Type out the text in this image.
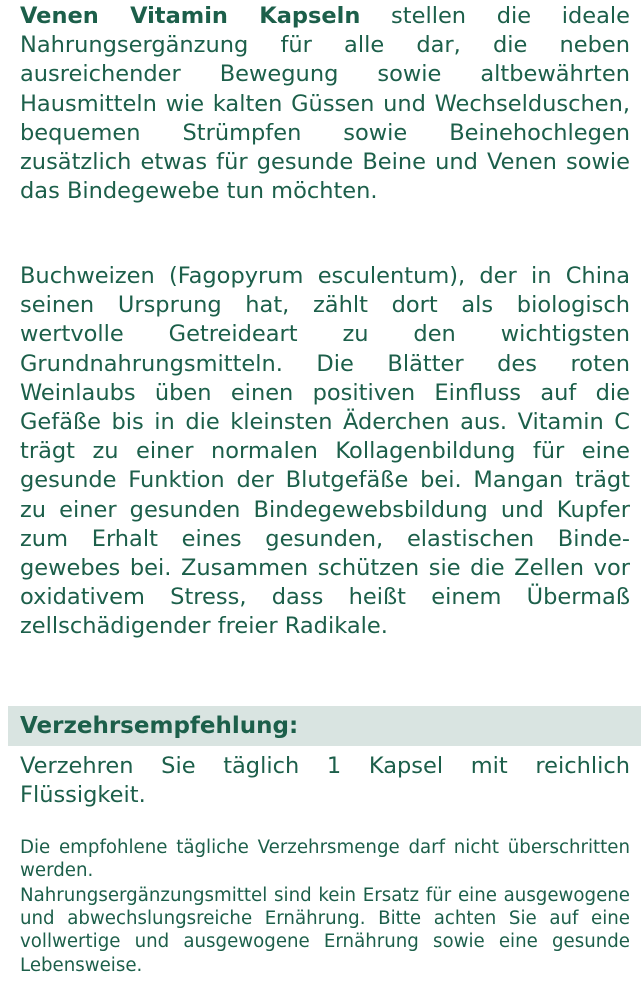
Venen Vitamin Kapseln stellen die ideale Nahrungsergänzung für alle dar, die neben ausreichender Bewegung sowie altbewährten Hausmitteln wie kalten Güssen und Wechselduschen, bequemen Strümpfen sowie Beinehochlegen zusätzlich etwas für gesunde Beine und Venen sowie das Bindegewebe tun möchten.

Buchweizen (Fagopyrum esculentum), der in China seinen Ursprung hat, zählt dort als biologisch wertvolle Getreideart zu den wichtigsten Grundnahrungsmitteln. Die Blätter des roten Weinlaubs üben einen positiven Einfluss auf die Gefäße bis in die kleinsten Äderchen aus. Vitamin C trägt zu einer normalen Kollagenbildung für eine gesunde Funktion der Blutgefäße bei. Mangan trägt zu einer gesunden Bindegewebsbildung und Kupfer zum Erhalt eines gesunden, elastischen Binde-gewebes bei. Zusammen schützen sie die Zellen vor oxidativem Stress, dass heißt einem Übermaß zellschädigender freier Radikale.

Verzehrsempfehlung:

Verzehren Sie täglich 1 Kapsel mit reichlich Flüssigkeit.

Die empfohlene tägliche Verzehrsmenge darf nicht überschritten werden.

Nahrungsergänzungsmittel sind kein Ersatz für eine ausgewogene und abwechslungsreiche Ernährung. Bitte achten Sie auf eine vollwertige und ausgewogene Ernährung sowie eine gesunde Lebensweise.
